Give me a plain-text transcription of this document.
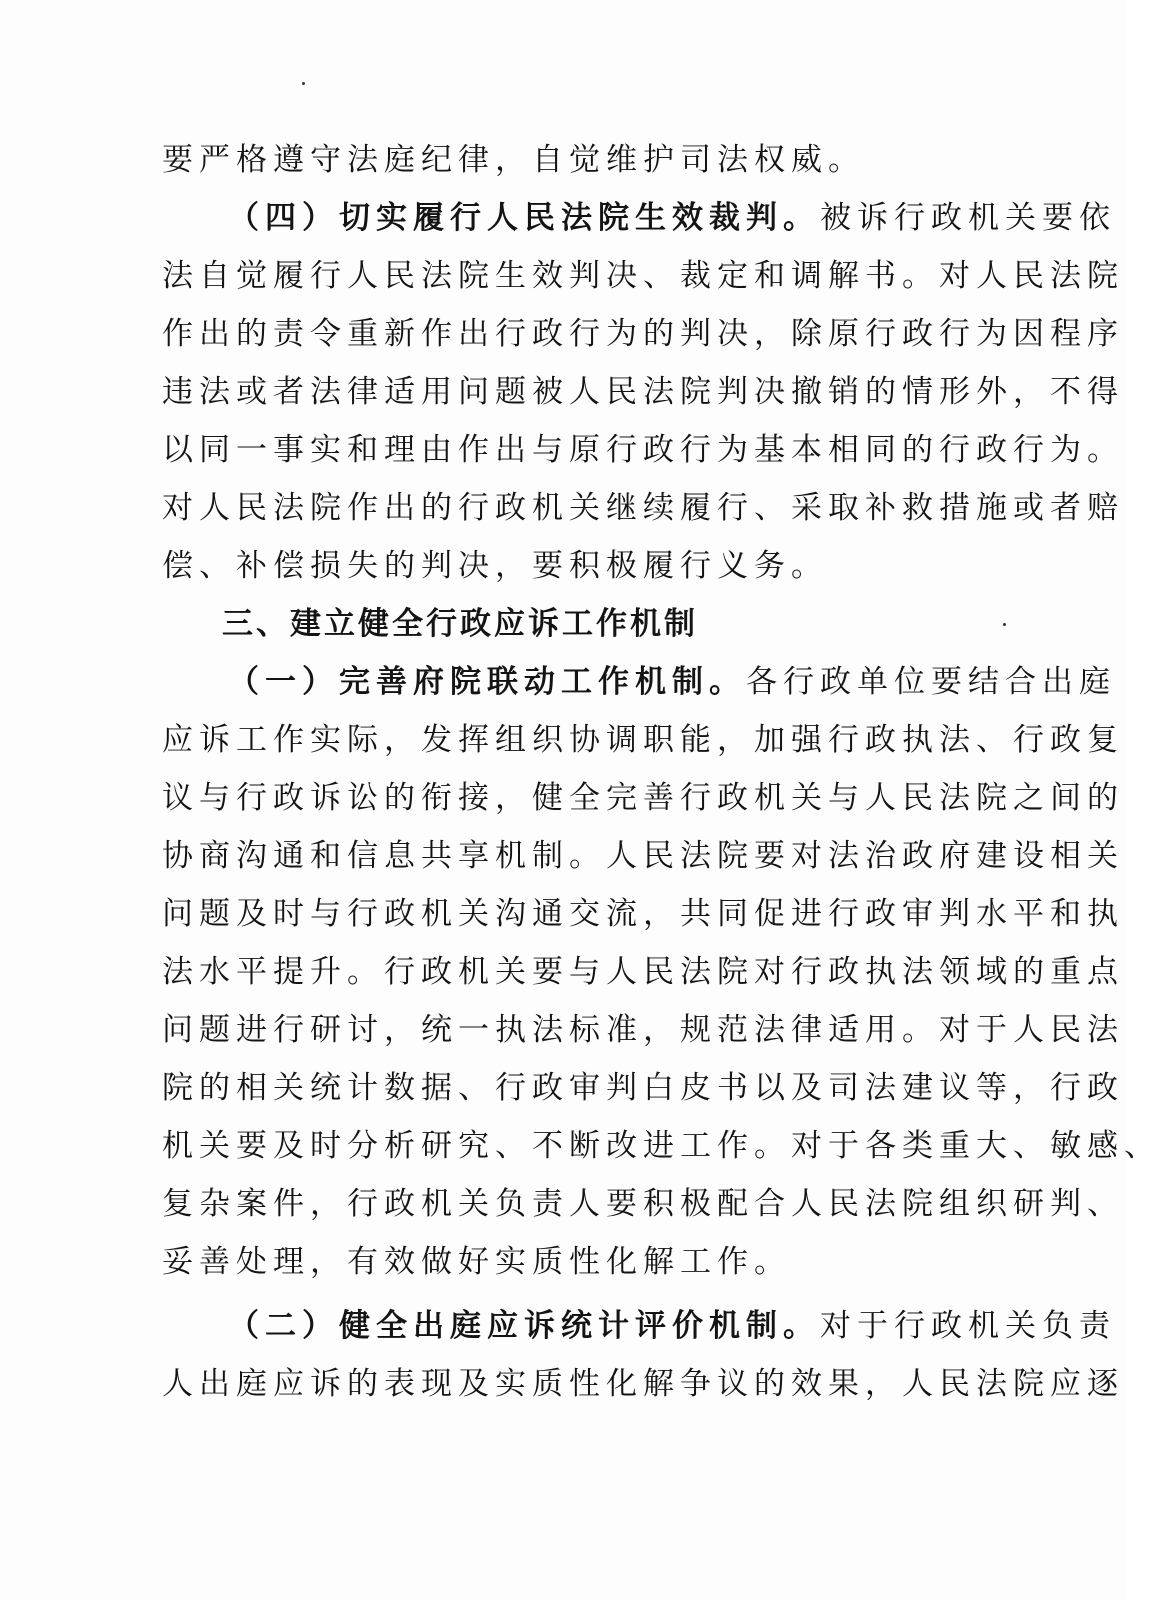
要严格遵守法庭纪律，自觉维护司法权威。
（四）切实履行人民法院生效裁判。被诉行政机关要依
法自觉履行人民法院生效判决、裁定和调解书。对人民法院
作出的责令重新作出行政行为的判决，除原行政行为因程序
违法或者法律适用问题被人民法院判决撤销的情形外，不得
以同一事实和理由作出与原行政行为基本相同的行政行为。
对人民法院作出的行政机关继续履行、采取补救措施或者赔
偿、补偿损失的判决，要积极履行义务。
三、建立健全行政应诉工作机制
（一）完善府院联动工作机制。各行政单位要结合出庭
应诉工作实际，发挥组织协调职能，加强行政执法、行政复
议与行政诉讼的衔接，健全完善行政机关与人民法院之间的
协商沟通和信息共享机制。人民法院要对法治政府建设相关
问题及时与行政机关沟通交流，共同促进行政审判水平和执
法水平提升。行政机关要与人民法院对行政执法领域的重点
问题进行研讨，统一执法标准，规范法律适用。对于人民法
院的相关统计数据、行政审判白皮书以及司法建议等，行政
机关要及时分析研究、不断改进工作。对于各类重大、敏感、
复杂案件，行政机关负责人要积极配合人民法院组织研判、
妥善处理，有效做好实质性化解工作。
（二）健全出庭应诉统计评价机制。对于行政机关负责
人出庭应诉的表现及实质性化解争议的效果，人民法院应逐
